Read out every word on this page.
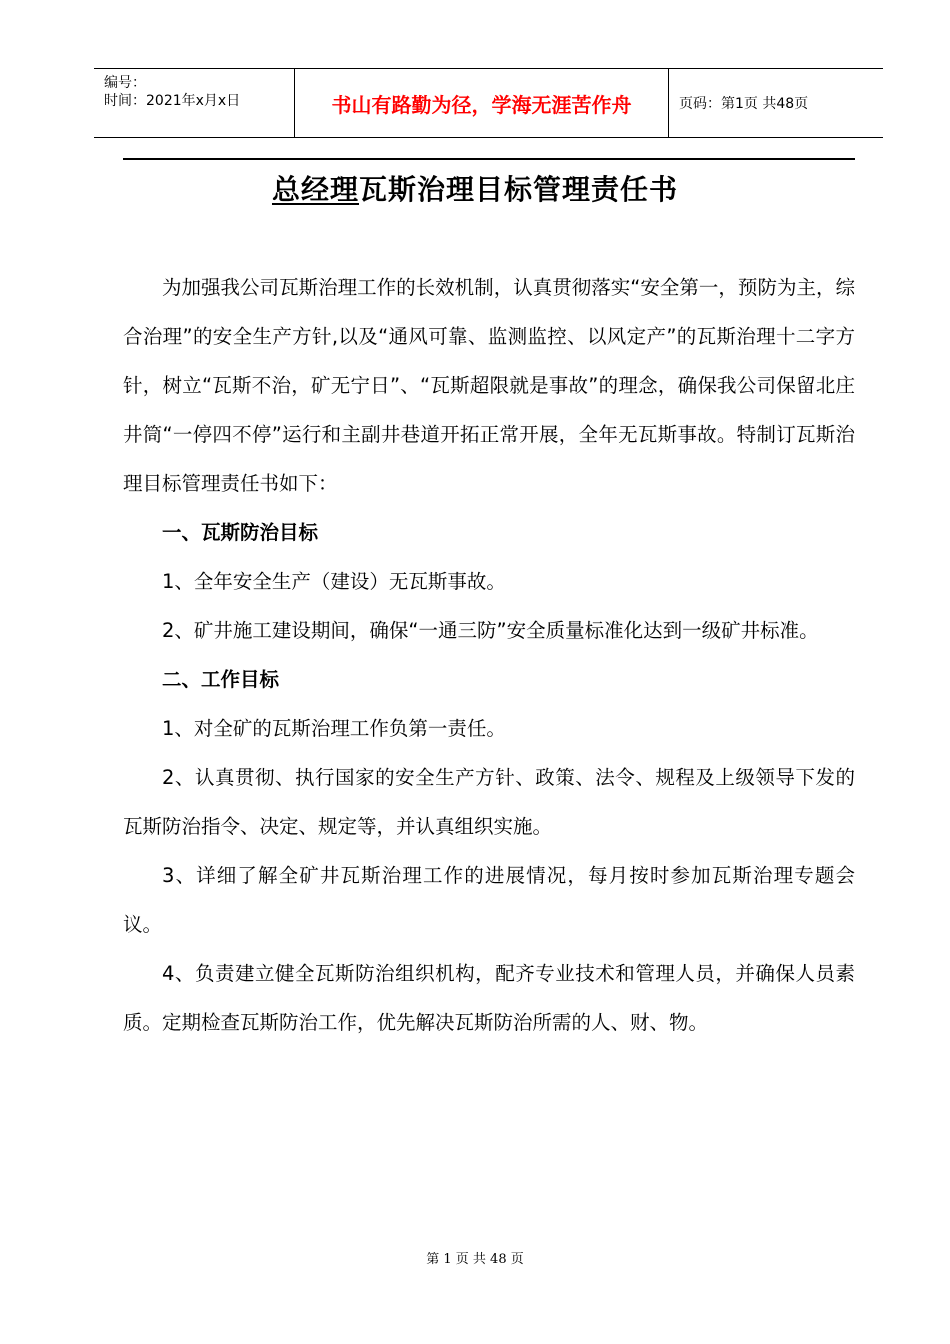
编号：
时间：2021年x月x日	书山有路勤为径，学海无涯苦作舟	页码：第1页 共48页
总经理瓦斯治理目标管理责任书

为加强我公司瓦斯治理工作的长效机制，认真贯彻落实“安全第一，预防为主，综合治理”的安全生产方针,以及“通风可靠、监测监控、以风定产”的瓦斯治理十二字方针，树立“瓦斯不治，矿无宁日”、“瓦斯超限就是事故”的理念，确保我公司保留北庄井筒“一停四不停”运行和主副井巷道开拓正常开展，全年无瓦斯事故。特制订瓦斯治理目标管理责任书如下：

一、瓦斯防治目标

1、全年安全生产（建设）无瓦斯事故。

2、矿井施工建设期间，确保“一通三防”安全质量标准化达到一级矿井标准。

二、工作目标

1、对全矿的瓦斯治理工作负第一责任。

2、认真贯彻、执行国家的安全生产方针、政策、法令、规程及上级领导下发的瓦斯防治指令、决定、规定等，并认真组织实施。

3、详细了解全矿井瓦斯治理工作的进展情况，每月按时参加瓦斯治理专题会议。

4、负责建立健全瓦斯防治组织机构，配齐专业技术和管理人员，并确保人员素质。定期检查瓦斯防治工作，优先解决瓦斯防治所需的人、财、物。

第 1 页 共 48 页
